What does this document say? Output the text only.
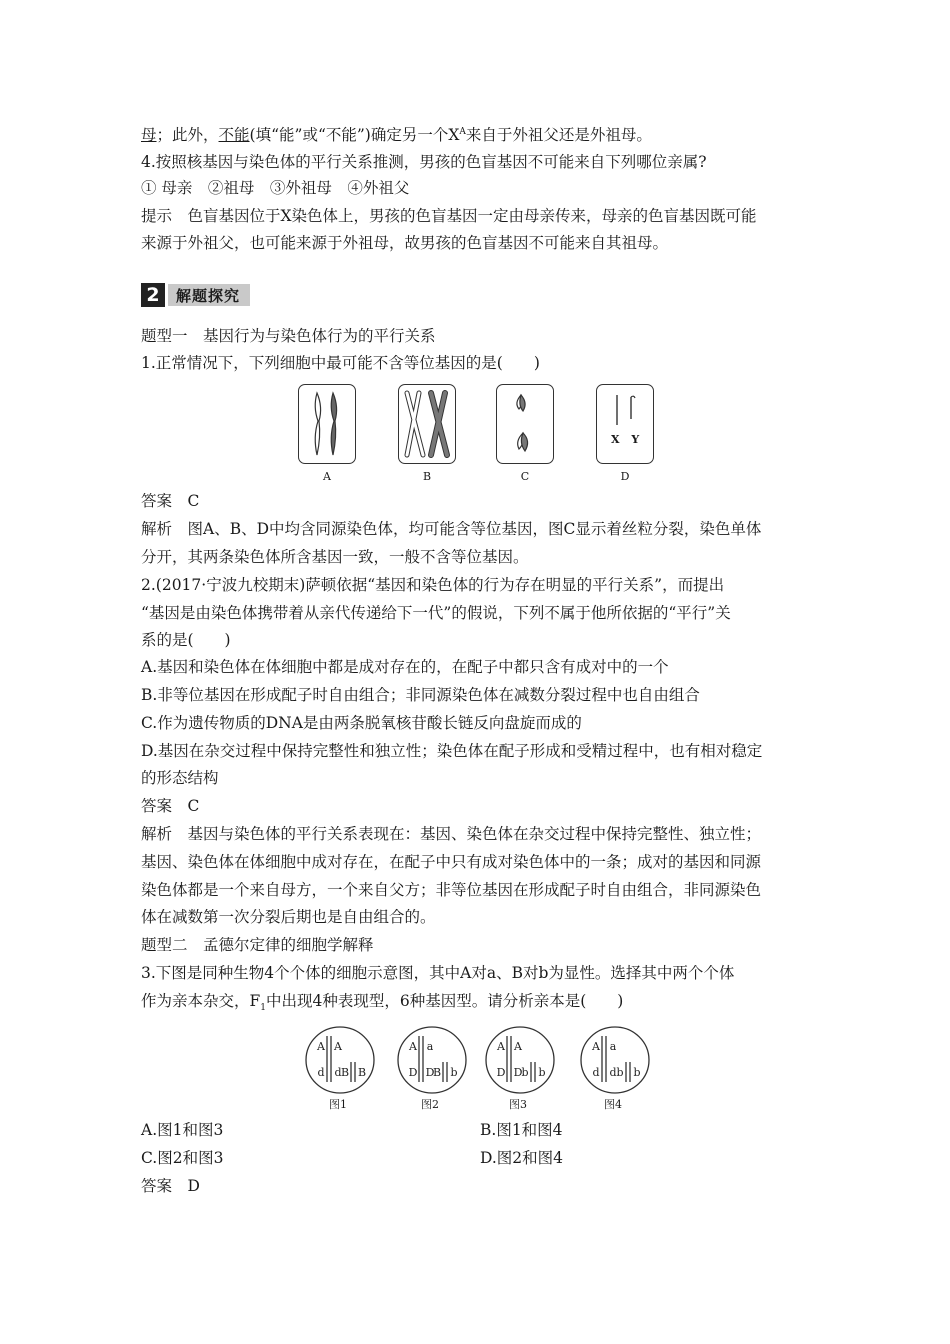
母；此外，不能(填“能”或“不能”)确定另一个$X^A$来自于外祖父还是外祖母。
4.按照核基因与染色体的平行关系推测，男孩的色盲基因不可能来自下列哪位亲属?
① 母亲　②祖母　③外祖母　④外祖父
提示　色盲基因位于X染色体上，男孩的色盲基因一定由母亲传来，母亲的色盲基因既可能
来源于外祖父，也可能来源于外祖母，故男孩的色盲基因不可能来自其祖母。
2	解题探究
题型一　基因行为与染色体行为的平行关系
1.正常情况下，下列细胞中最可能不含等位基因的是(　　)
X Y
A	B	C	D
答案　C
解析　图A、B、D中均含同源染色体，均可能含等位基因，图C显示着丝粒分裂，染色单体
分开，其两条染色体所含基因一致，一般不含等位基因。
2.(2017·宁波九校期末)萨顿依据“基因和染色体的行为存在明显的平行关系”，而提出
“基因是由染色体携带着从亲代传递给下一代”的假说，下列不属于他所依据的“平行”关
系的是(　　)
A.基因和染色体在体细胞中都是成对存在的，在配子中都只含有成对中的一个
B.非等位基因在形成配子时自由组合；非同源染色体在减数分裂过程中也自由组合
C.作为遗传物质的DNA是由两条脱氧核苷酸长链反向盘旋而成的
D.基因在杂交过程中保持完整性和独立性；染色体在配子形成和受精过程中，也有相对稳定
的形态结构
答案　C
解析　基因与染色体的平行关系表现在：基因、染色体在杂交过程中保持完整性、独立性；
基因、染色体在体细胞中成对存在，在配子中只有成对染色体中的一条；成对的基因和同源
染色体都是一个来自母方，一个来自父方；非等位基因在形成配子时自由组合，非同源染色
体在减数第一次分裂后期也是自由组合的。
题型二　孟德尔定律的细胞学解释
3.下图是同种生物4个个体的细胞示意图，其中A对a、B对b为显性。选择其中两个个体
作为亲本杂交，$F_1$中出现4种表现型，6种基因型。请分析亲本是(　　)
A A
d d B B
A a
D D
B b
A A
D D b b
A a
d d b b
图1	图2	图3	图4
A.图1和图3	B.图1和图4
C.图2和图3	D.图2和图4
答案　D
